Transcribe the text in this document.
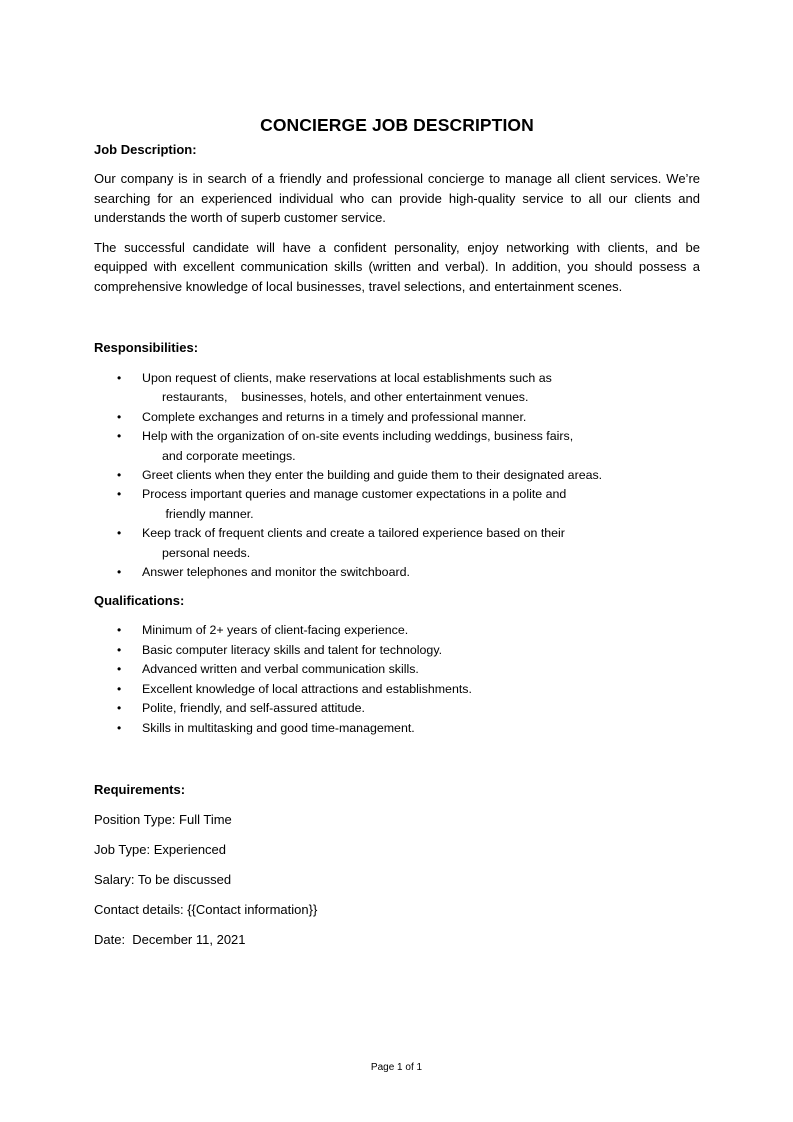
CONCIERGE JOB DESCRIPTION

Job Description:

Our company is in search of a friendly and professional concierge to manage all client services. We’re searching for an experienced individual who can provide high-quality service to all our clients and understands the worth of superb customer service.

The successful candidate will have a confident personality, enjoy networking with clients, and be equipped with excellent communication skills (written and verbal). In addition, you should possess a comprehensive knowledge of local businesses, travel selections, and entertainment scenes.

Responsibilities:

• Upon request of clients, make reservations at local establishments such as
restaurants,    businesses, hotels, and other entertainment venues.
• Complete exchanges and returns in a timely and professional manner.
• Help with the organization of on-site events including weddings, business fairs,
and corporate meetings.
• Greet clients when they enter the building and guide them to their designated areas.
• Process important queries and manage customer expectations in a polite and
friendly manner.
• Keep track of frequent clients and create a tailored experience based on their
personal needs.
• Answer telephones and monitor the switchboard.

Qualifications:

• Minimum of 2+ years of client-facing experience.
• Basic computer literacy skills and talent for technology.
• Advanced written and verbal communication skills.
• Excellent knowledge of local attractions and establishments.
• Polite, friendly, and self-assured attitude.
• Skills in multitasking and good time-management.

Requirements:

Position Type: Full Time

Job Type: Experienced

Salary: To be discussed

Contact details: {{Contact information}}

Date:  December 11, 2021

Page 1 of 1
